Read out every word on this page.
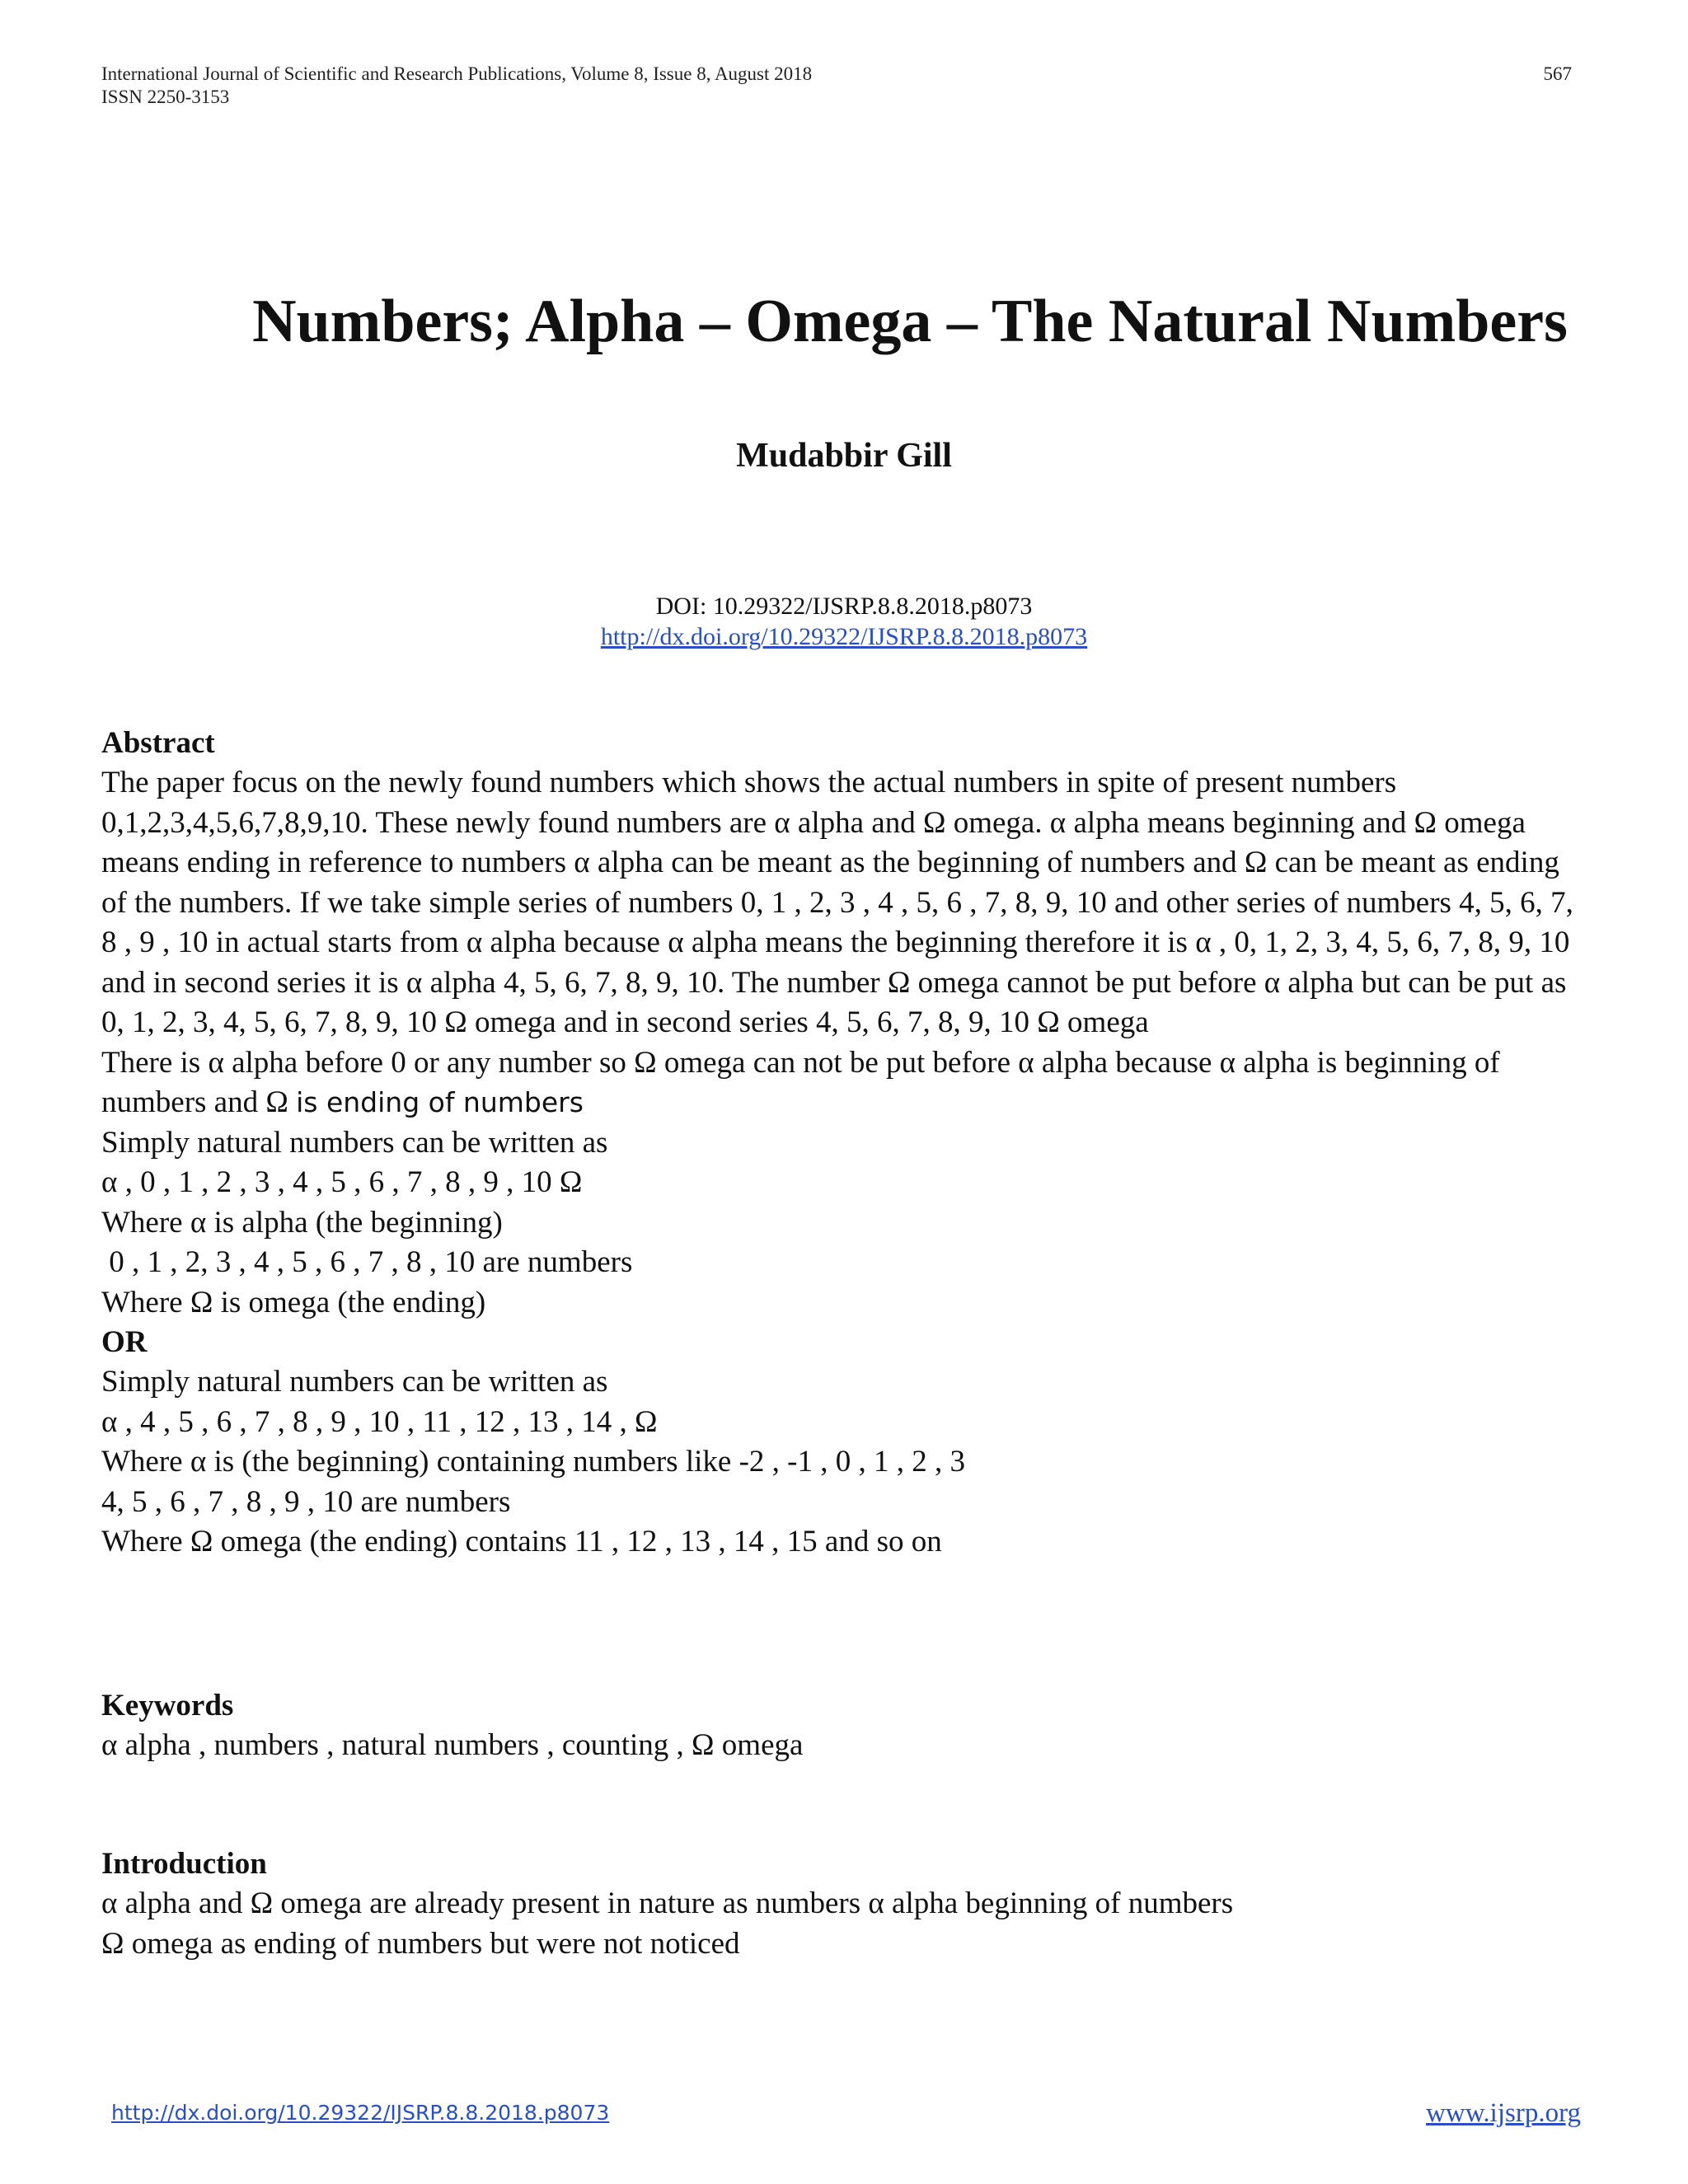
International Journal of Scientific and Research Publications, Volume 8, Issue 8, August 2018
ISSN 2250-3153
567
Numbers; Alpha – Omega – The Natural Numbers
Mudabbir Gill
DOI: 10.29322/IJSRP.8.8.2018.p8073
http://dx.doi.org/10.29322/IJSRP.8.8.2018.p8073

Abstract

The paper focus on the newly found numbers which shows the actual numbers in spite of present numbers 0,1,2,3,4,5,6,7,8,9,10. These newly found numbers are α alpha and Ω omega. α alpha means beginning and Ω omega means ending in reference to numbers α alpha can be meant as the beginning of numbers and Ω can be meant as ending of the numbers. If we take simple series of numbers 0, 1 , 2, 3 , 4 , 5, 6 , 7, 8, 9, 10 and other series of numbers 4, 5, 6, 7, 8 , 9 , 10 in actual starts from α alpha because α alpha means the beginning therefore it is α , 0, 1, 2, 3, 4, 5, 6, 7, 8, 9, 10 and in second series it is α alpha 4, 5, 6, 7, 8, 9, 10. The number Ω omega cannot be put before α alpha but can be put as 0, 1, 2, 3, 4, 5, 6, 7, 8, 9, 10 Ω omega and in second series 4, 5, 6, 7, 8, 9, 10 Ω omega

There is α alpha before 0 or any number so Ω omega can not be put before α alpha because α alpha is beginning of numbers and Ω is ending of numbers

Simply natural numbers can be written as

α , 0 , 1 , 2 , 3 , 4 , 5 , 6 , 7 , 8 , 9 , 10 Ω

Where α is alpha (the beginning)

0 , 1 , 2, 3 , 4 , 5 , 6 , 7 , 8 , 10 are numbers

Where Ω is omega (the ending)

OR

Simply natural numbers can be written as

α , 4 , 5 , 6 , 7 , 8 , 9 , 10 , 11 , 12 , 13 , 14 , Ω

Where α is (the beginning) containing numbers like -2 , -1 , 0 , 1 , 2 , 3

4, 5 , 6 , 7 , 8 , 9 , 10 are numbers

Where Ω omega (the ending) contains 11 , 12 , 13 , 14 , 15 and so on

Keywords

α alpha , numbers , natural numbers , counting , Ω omega

Introduction

α alpha and Ω omega are already present in nature as numbers α alpha beginning of numbers

Ω omega as ending of numbers but were not noticed

http://dx.doi.org/10.29322/IJSRP.8.8.2018.p8073	www.ijsrp.org
